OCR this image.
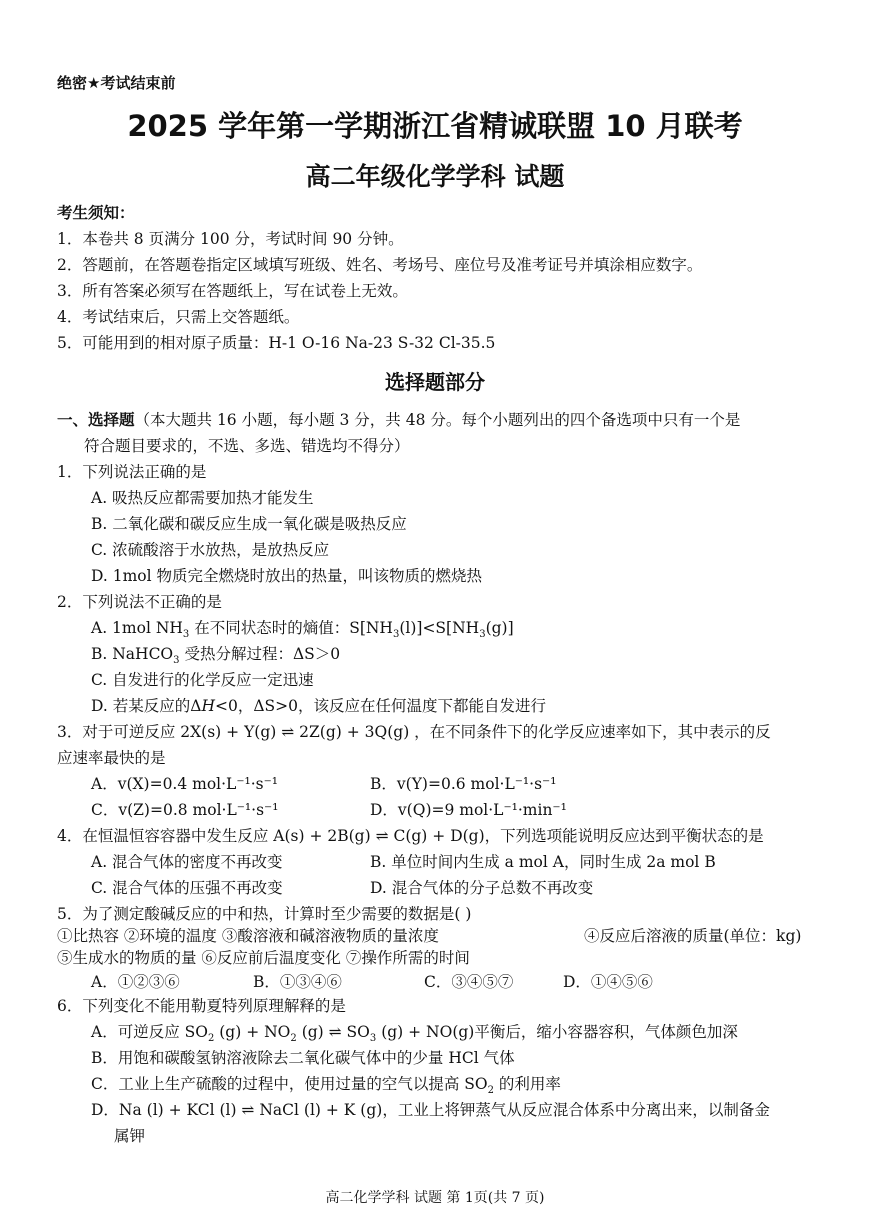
绝密★考试结束前
2025 学年第一学期浙江省精诚联盟 10 月联考
高二年级化学学科 试题
考生须知：
1．本卷共 8 页满分 100 分，考试时间 90 分钟。
2．答题前，在答题卷指定区域填写班级、姓名、考场号、座位号及准考证号并填涂相应数字。
3．所有答案必须写在答题纸上，写在试卷上无效。
4．考试结束后，只需上交答题纸。
5．可能用到的相对原子质量：H-1 O-16 Na-23 S-32 Cl-35.5
选择题部分
一、选择题（本大题共 16 小题，每小题 3 分，共 48 分。每个小题列出的四个备选项中只有一个是
符合题目要求的，不选、多选、错选均不得分）
1．下列说法正确的是
A. 吸热反应都需要加热才能发生
B. 二氧化碳和碳反应生成一氧化碳是吸热反应
C. 浓硫酸溶于水放热，是放热反应
D. 1mol 物质完全燃烧时放出的热量，叫该物质的燃烧热
2．下列说法不正确的是
A. 1mol $NH_3$ 在不同状态时的熵值：$S[NH_3(l)]<S[NH_3(g)]$
B. NaHCO$_3$ 受热分解过程：ΔS＞0
C. 自发进行的化学反应一定迅速
D. 若某反应的ΔH<0，ΔS>0，该反应在任何温度下都能自发进行
3．对于可逆反应 2X(s) + Y(g) ⇌ 2Z(g) + 3Q(g) ，在不同条件下的化学反应速率如下，其中表示的反
应速率最快的是
A．v(X)=0.4 mol·L⁻¹·s⁻¹	B．v(Y)=0.6 mol·L⁻¹·s⁻¹
C．v(Z)=0.8 mol·L⁻¹·s⁻¹	D．v(Q)=9 mol·L⁻¹·min⁻¹
4．在恒温恒容容器中发生反应 A(s) + 2B(g) ⇌ C(g) + D(g)，下列选项能说明反应达到平衡状态的是
A. 混合气体的密度不再改变	B. 单位时间内生成 a mol A，同时生成 2a mol B
C. 混合气体的压强不再改变	D. 混合气体的分子总数不再改变
5．为了测定酸碱反应的中和热，计算时至少需要的数据是( )
①比热容 ②环境的温度 ③酸溶液和碱溶液物质的量浓度	④反应后溶液的质量(单位：kg)
⑤生成水的物质的量 ⑥反应前后温度变化 ⑦操作所需的时间
A．①②③⑥	B．①③④⑥	C．③④⑤⑦	D．①④⑤⑥
6．下列变化不能用勒夏特列原理解释的是
A．可逆反应 $SO_2$ $(g) + NO_2$ (g) ⇌ $SO_3$ (g) + NO(g)平衡后，缩小容器容积，气体颜色加深
B．用饱和碳酸氢钠溶液除去二氧化碳气体中的少量 HCl 气体
C．工业上生产硫酸的过程中，使用过量的空气以提高 $SO_2$ 的利用率
D．Na (l) + KCl (l) ⇌ NaCl (l) + K (g)，工业上将钾蒸气从反应混合体系中分离出来，以制备金
属钾
高二化学学科 试题 第 1页(共 7 页)
